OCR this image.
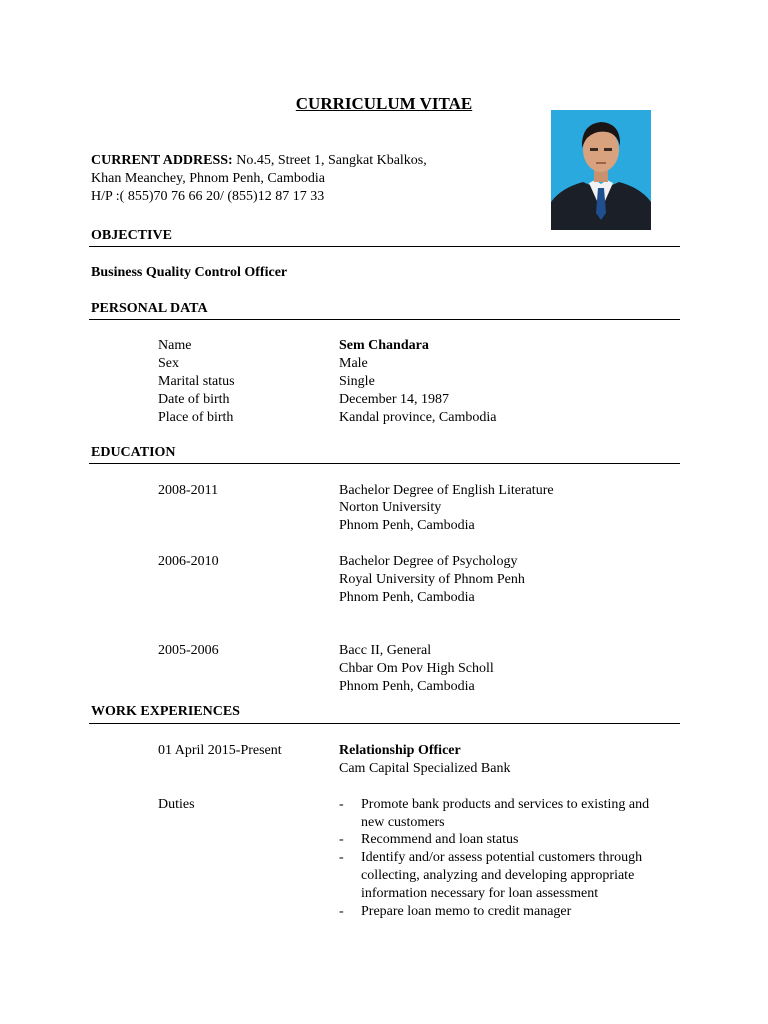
CURRICULUM VITAE
CURRENT ADDRESS: No.45, Street 1, Sangkat Kbalkos,
Khan Meanchey, Phnom Penh, Cambodia
H/P :( 855)70 76 66 20/ (855)12 87 17 33
OBJECTIVE
Business Quality Control Officer
PERSONAL DATA
Name	Sem Chandara
Sex	Male
Marital status	Single
Date of birth	December 14, 1987
Place of birth	Kandal province, Cambodia
EDUCATION
2008-2011	Bachelor Degree of English Literature
Norton University
Phnom Penh, Cambodia
2006-2010	Bachelor Degree of Psychology
Royal University of Phnom Penh
Phnom Penh, Cambodia
2005-2006	Bacc II, General
Chbar Om Pov High Scholl
Phnom Penh, Cambodia
WORK EXPERIENCES
01 April 2015-Present	Relationship Officer
Cam Capital Specialized Bank
Duties	- Promote bank products and services to existing and
new customers
- Recommend and loan status
- Identify and/or assess potential customers through
collecting, analyzing and developing appropriate
information necessary for loan assessment
- Prepare loan memo to credit manager
